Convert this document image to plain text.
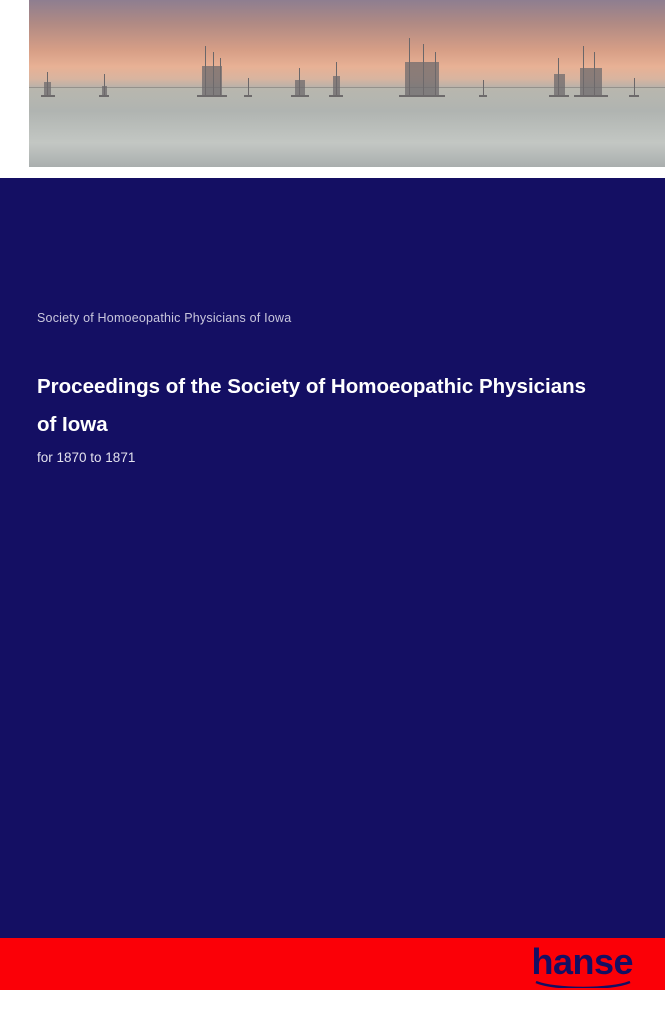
Society of Homoeopathic Physicians of Iowa
Proceedings of the Society of Homoeopathic Physicians of Iowa
for 1870 to 1871
hanse
